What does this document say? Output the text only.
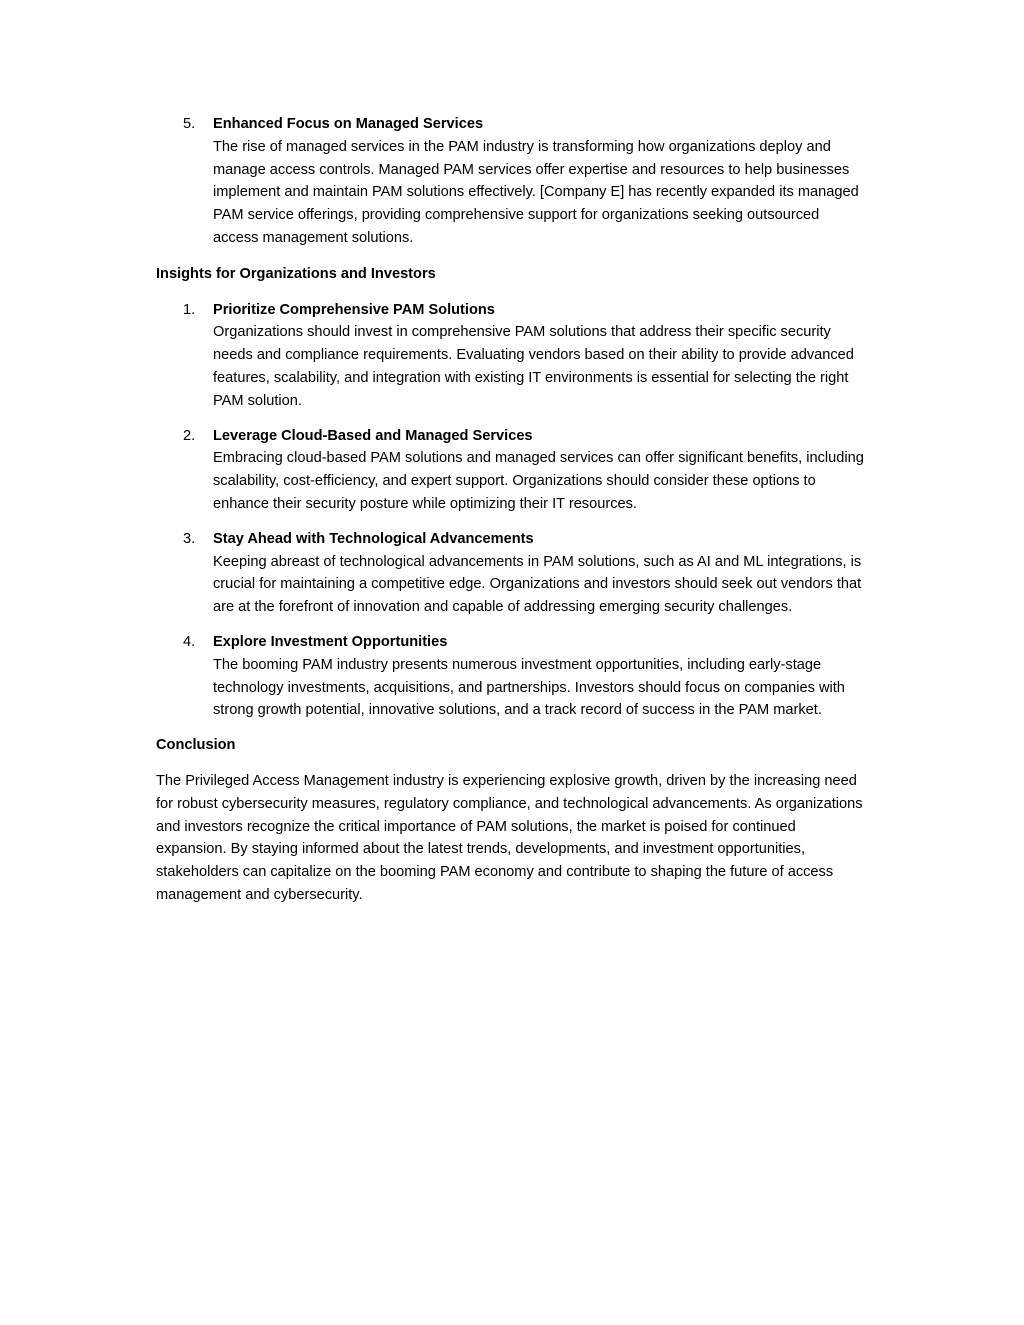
5.	Enhanced Focus on Managed Services
The rise of managed services in the PAM industry is transforming how organizations deploy and manage access controls. Managed PAM services offer expertise and resources to help businesses implement and maintain PAM solutions effectively. [Company E] has recently expanded its managed PAM service offerings, providing comprehensive support for organizations seeking outsourced access management solutions.
Insights for Organizations and Investors
1.	Prioritize Comprehensive PAM Solutions
Organizations should invest in comprehensive PAM solutions that address their specific security needs and compliance requirements. Evaluating vendors based on their ability to provide advanced features, scalability, and integration with existing IT environments is essential for selecting the right PAM solution.
2.	Leverage Cloud-Based and Managed Services
Embracing cloud-based PAM solutions and managed services can offer significant benefits, including scalability, cost-efficiency, and expert support. Organizations should consider these options to enhance their security posture while optimizing their IT resources.
3.	Stay Ahead with Technological Advancements
Keeping abreast of technological advancements in PAM solutions, such as AI and ML integrations, is crucial for maintaining a competitive edge. Organizations and investors should seek out vendors that are at the forefront of innovation and capable of addressing emerging security challenges.
4.	Explore Investment Opportunities
The booming PAM industry presents numerous investment opportunities, including early-stage technology investments, acquisitions, and partnerships. Investors should focus on companies with strong growth potential, innovative solutions, and a track record of success in the PAM market.
Conclusion

The Privileged Access Management industry is experiencing explosive growth, driven by the increasing need for robust cybersecurity measures, regulatory compliance, and technological advancements. As organizations and investors recognize the critical importance of PAM solutions, the market is poised for continued expansion. By staying informed about the latest trends, developments, and investment opportunities, stakeholders can capitalize on the booming PAM economy and contribute to shaping the future of access management and cybersecurity.
